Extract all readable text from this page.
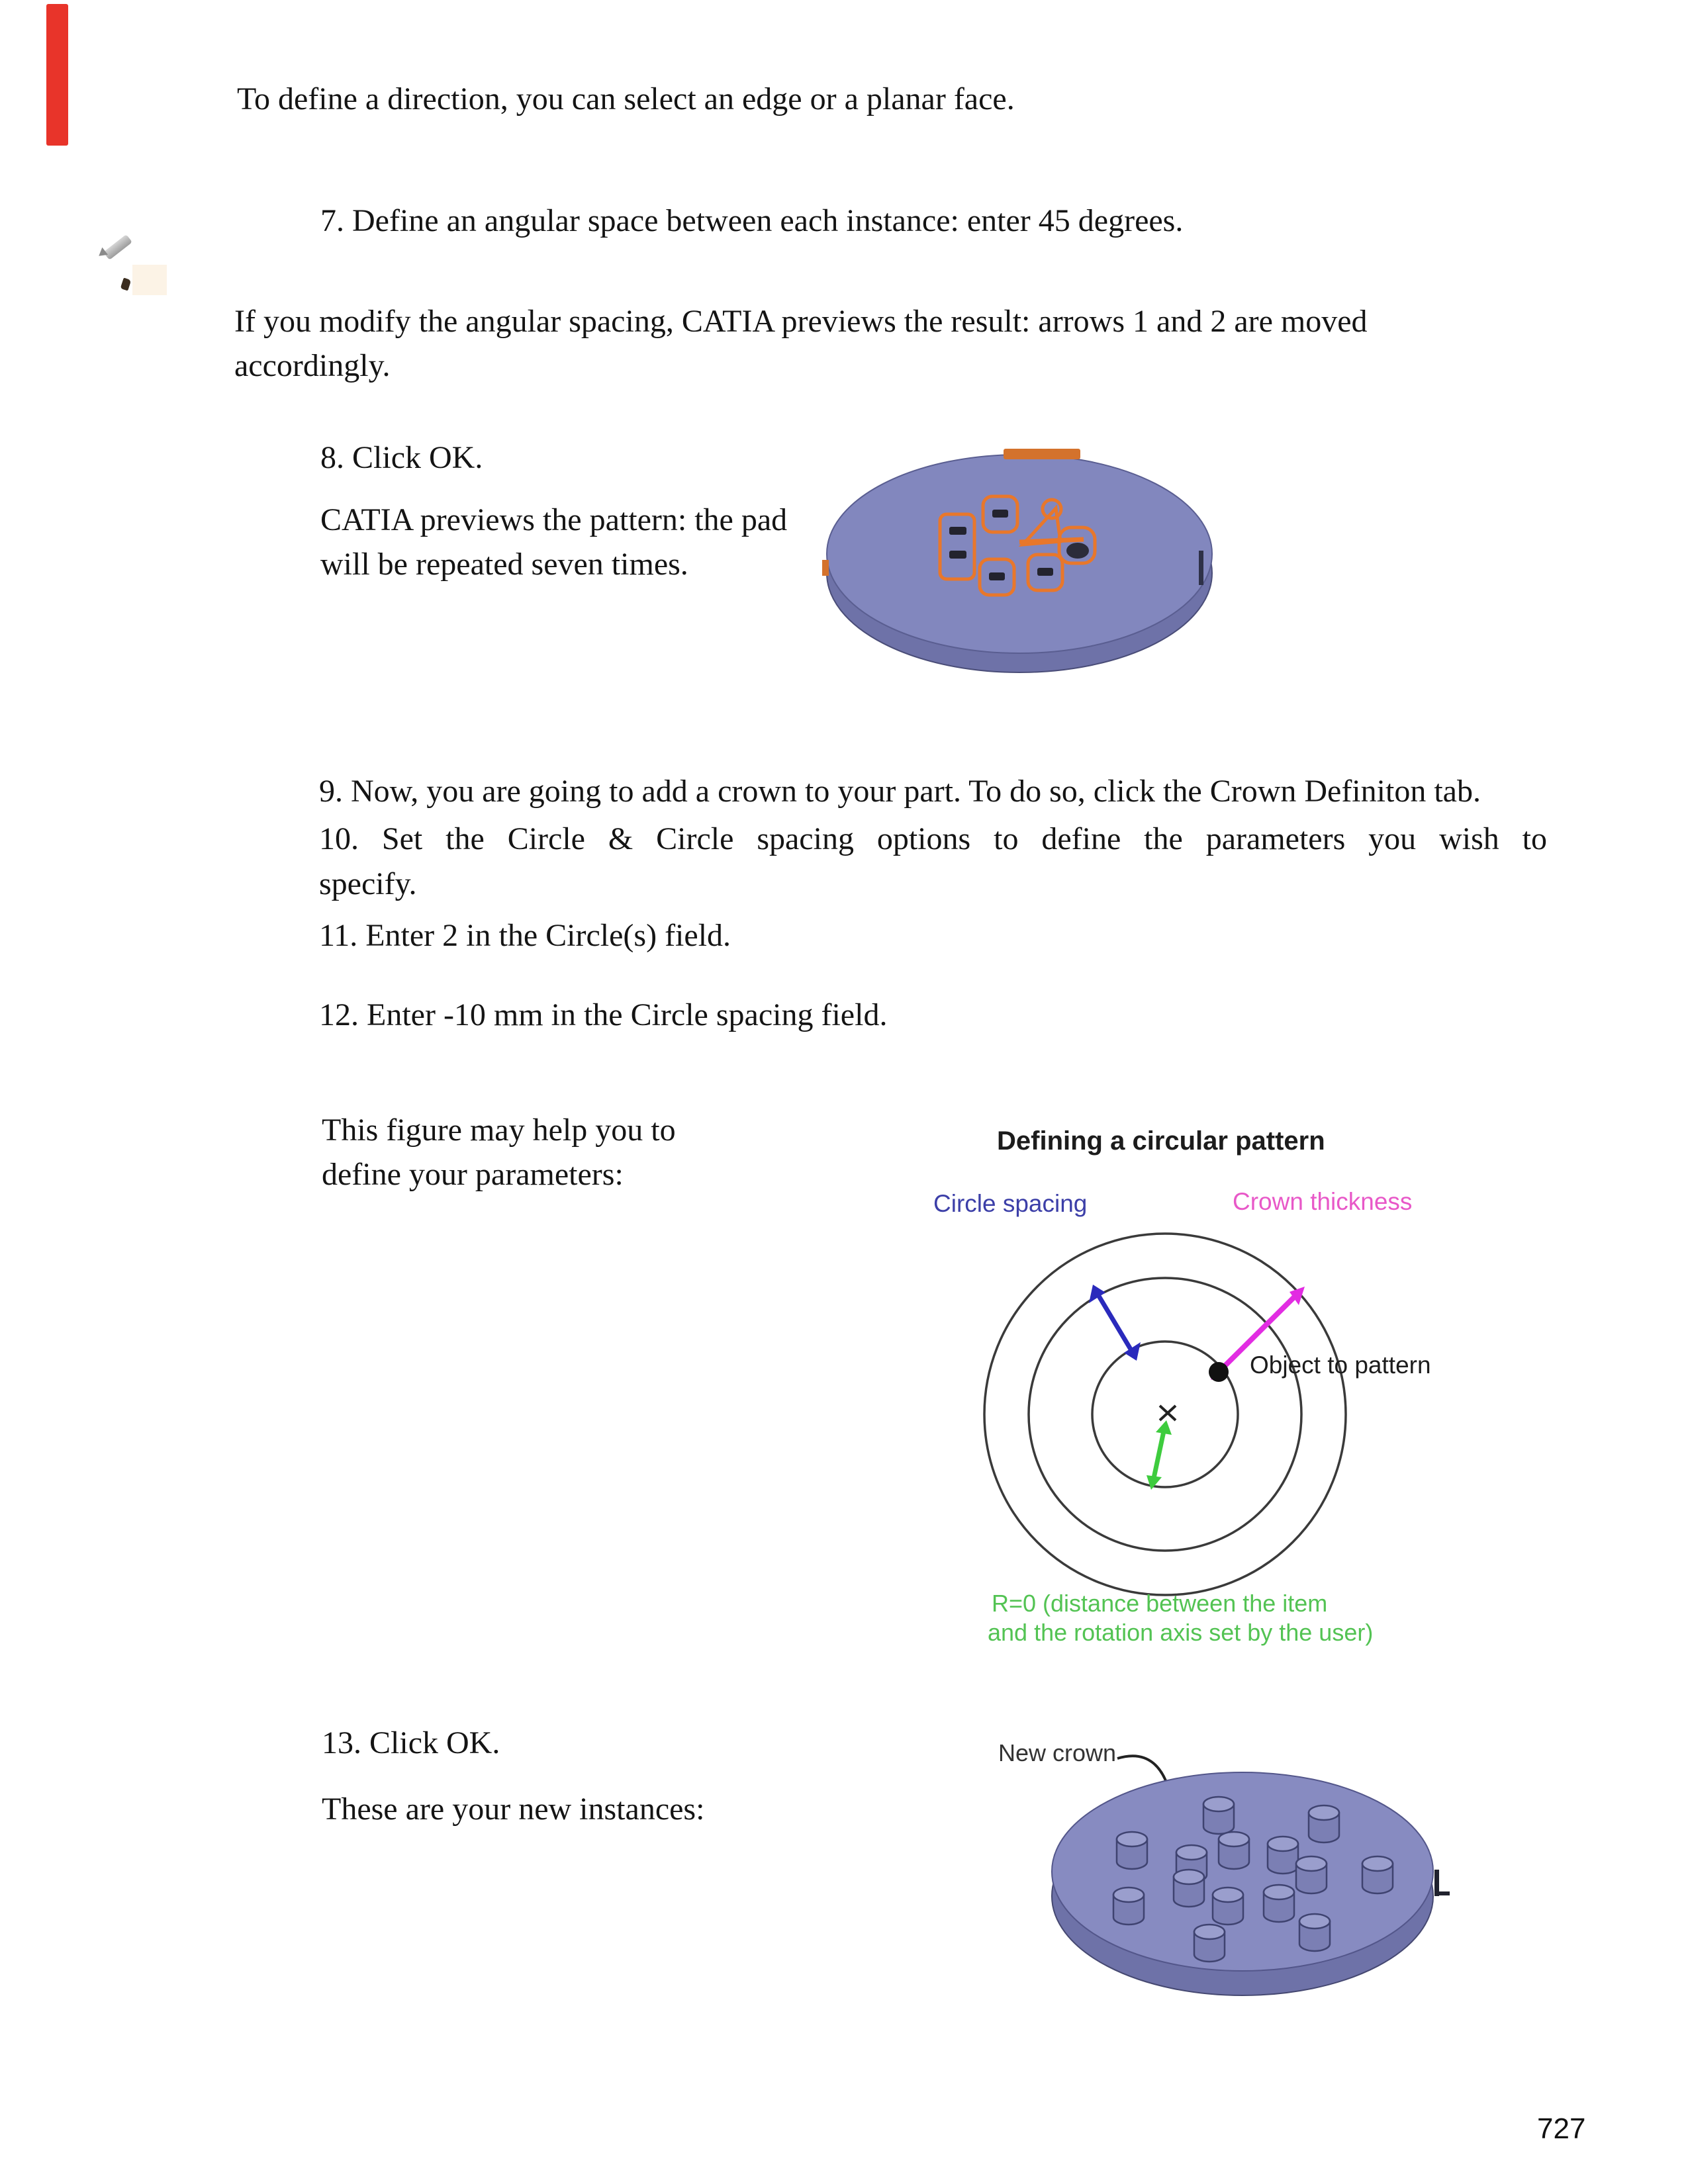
To define a direction, you can select an edge or a planar face.
7. Define an angular space between each instance: enter 45 degrees.
If you modify the angular spacing, CATIA previews the result: arrows 1 and 2 are moved
accordingly.
8. Click OK.
CATIA previews the pattern: the pad
will be repeated seven times.
9. Now, you are going to add a crown to your part. To do so, click the Crown Definiton tab.
10. Set the Circle & Circle spacing options to define the parameters you wish to
specify.
11. Enter 2 in the Circle(s) field.
12. Enter -10 mm in the Circle spacing field.
This figure may help you to
define your parameters:
Defining a circular pattern
Circle spacing	Crown thickness
Object to pattern
R=0 (distance between the item
and the rotation axis set by the user)
13. Click OK.
These are your new instances:
New crown
727
